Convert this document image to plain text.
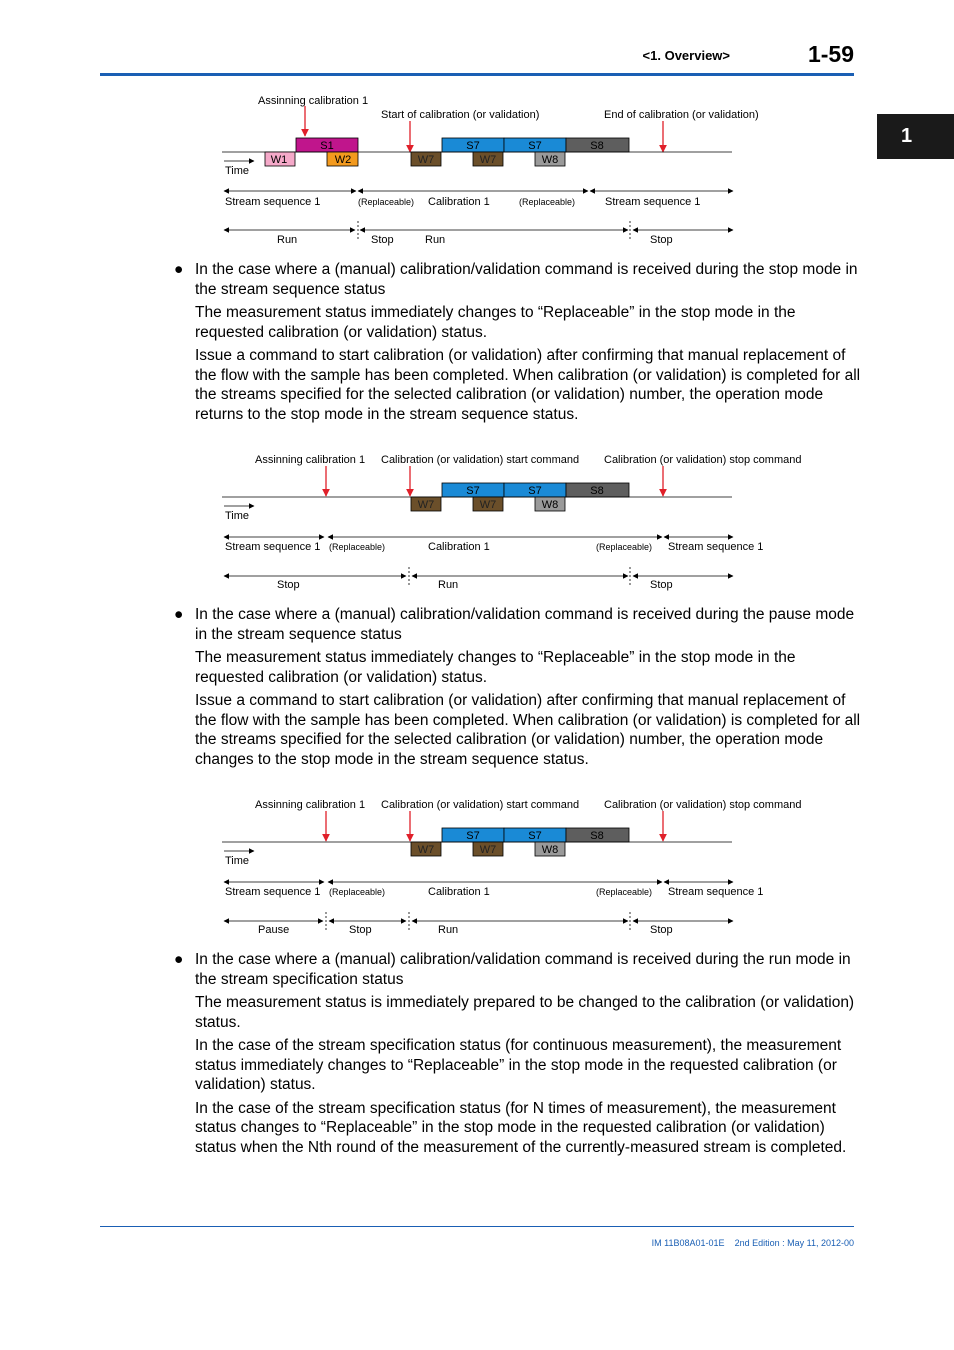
<1. Overview>	1-59
1
Assinning calibration 1
Start of calibration (or validation)	End of calibration (or validation)
S1	S7	S7	S8
W1	W2	W7	W7	W8
Time
Stream sequence 1	(Replaceable) Calibration 1	(Replaceable)	Stream sequence 1
Run	Stop	Run	Stop
● In the case where a (manual) calibration/validation command is received during the stop mode in the stream sequence status
The measurement status immediately changes to “Replaceable” in the stop mode in the requested calibration (or validation) status.
Issue a command to start calibration (or validation) after confirming that manual replacement of the flow with the sample has been completed. When calibration (or validation) is completed for all the streams specified for the selected calibration (or validation) number, the operation mode returns to the stop mode in the stream sequence status.
Assinning calibration 1 Calibration (or validation) start command Calibration (or validation) stop command
S7	S7	S8
W7	W7	W8
Time
Stream sequence 1 (Replaceable)	Calibration 1	(Replaceable) Stream sequence 1
Stop	Run	Stop
● In the case where a (manual) calibration/validation command is received during the pause mode in the stream sequence status
The measurement status immediately changes to “Replaceable” in the stop mode in the requested calibration (or validation) status.
Issue a command to start calibration (or validation) after confirming that manual replacement of the flow with the sample has been completed. When calibration (or validation) is completed for all the streams specified for the selected calibration (or validation) number, the operation mode changes to the stop mode in the stream sequence status.
Assinning calibration 1 Calibration (or validation) start command Calibration (or validation) stop command
S7	S7	S8
W7	W7	W8
Time
Stream sequence 1 (Replaceable)	Calibration 1	(Replaceable) Stream sequence 1
Pause	Stop	Run	Stop
● In the case where a (manual) calibration/validation command is received during the run mode in the stream specification status
The measurement status is immediately prepared to be changed to the calibration (or validation) status.
In the case of the stream specification status (for continuous measurement), the measurement status immediately changes to “Replaceable” in the stop mode in the requested calibration (or validation) status.
In the case of the stream specification status (for N times of measurement), the measurement status changes to “Replaceable” in the stop mode in the requested calibration (or validation) status when the Nth round of the measurement of the currently-measured stream is completed.
IM 11B08A01-01E 2nd Edition : May 11, 2012-00
